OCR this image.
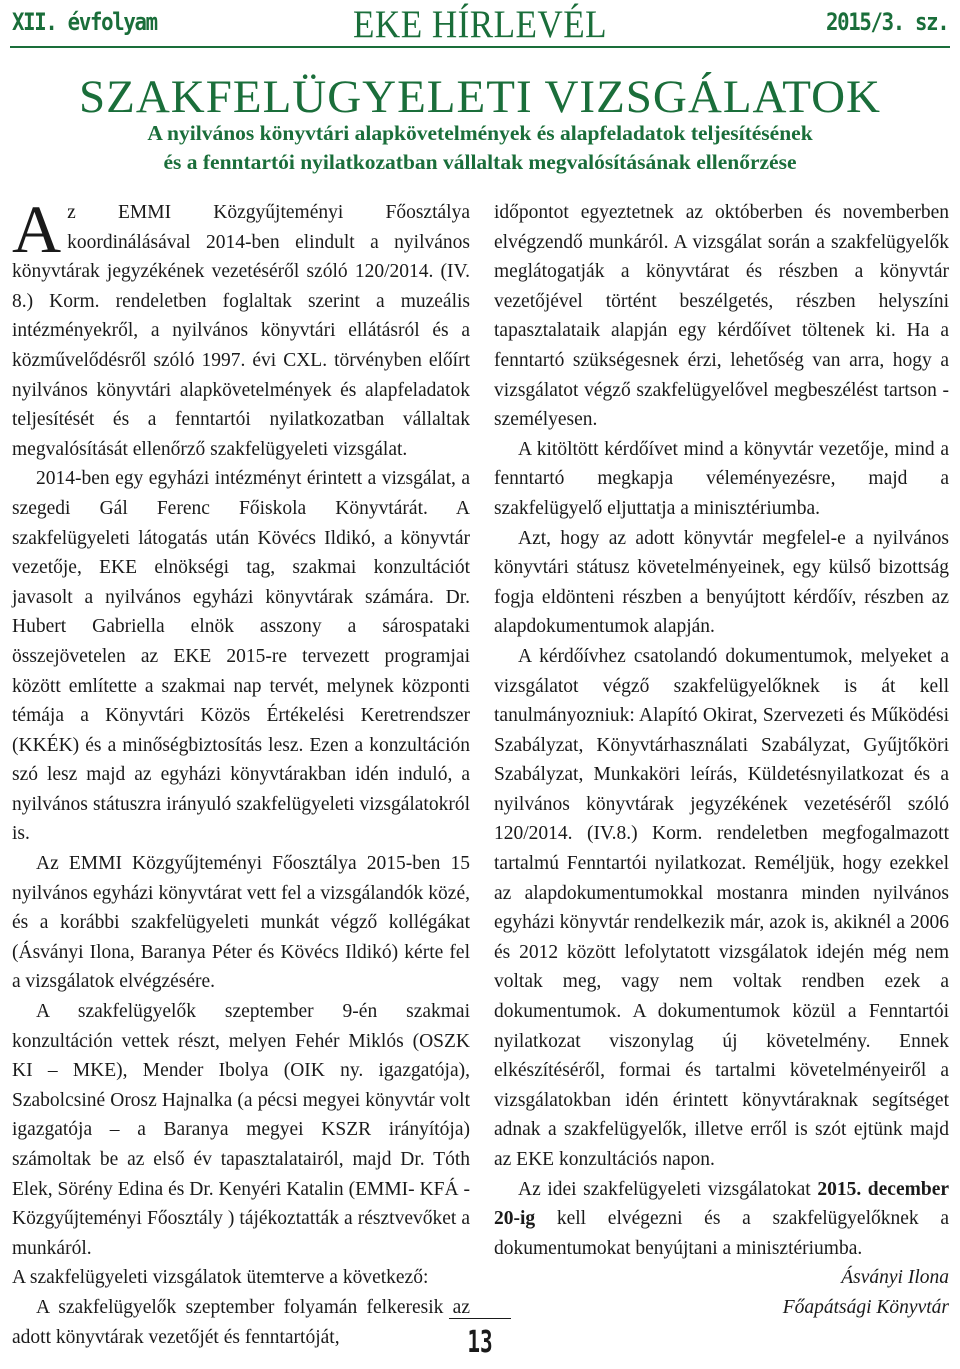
XII. évfolyam	EKE HÍRLEVÉL	2015/3. sz.
SZAKFELÜGYELETI VIZSGÁLATOK
A nyilvános könyvtári alapkövetelmények és alapfeladatok teljesítésének
és a fenntartói nyilatkozatban vállaltak megvalósításának ellenőrzése

Az EMMI Közgyűjteményi Főosztálya koordinálásával 2014-ben elindult a nyilvános könyvtárak jegyzékének vezetéséről szóló 120/2014. (IV. 8.) Korm. rendeletben foglaltak szerint a muzeális intézményekről, a nyilvános könyvtári ellátásról és a közművelődésről szóló 1997. évi CXL. törvényben előírt nyilvános könyvtári alapkövetelmények és alapfeladatok teljesítését és a fenntartói nyilatkozatban vállaltak megvalósítását ellenőrző szakfelügyeleti vizsgálat.

2014-ben egy egyházi intézményt érintett a vizsgálat, a szegedi Gál Ferenc Főiskola Könyvtárát. A szakfelügyeleti látogatás után Kövécs Ildikó, a könyvtár vezetője, EKE elnökségi tag, szakmai konzultációt javasolt a nyilvános egyházi könyvtárak számára. Dr. Hubert Gabriella elnök asszony a sárospataki összejövetelen az EKE 2015-re tervezett programjai között említette a szakmai nap tervét, melynek központi témája a Könyvtári Közös Értékelési Keretrendszer (KKÉK) és a minőségbiztosítás lesz. Ezen a konzultáción szó lesz majd az egyházi könyvtárakban idén induló, a nyilvános státuszra irányuló szakfelügyeleti vizsgálatokról is.

Az EMMI Közgyűjteményi Főosztálya 2015-ben 15 nyilvános egyházi könyvtárat vett fel a vizsgálandók közé, és a korábbi szakfelügyeleti munkát végző kollégákat (Ásványi Ilona, Baranya Péter és Kövécs Ildikó) kérte fel a vizsgálatok elvégzésére.

A szakfelügyelők szeptember 9-én szakmai konzultáción vettek részt, melyen Fehér Miklós (OSZK KI – MKE), Mender Ibolya (OIK ny. igazgatója), Szabolcsiné Orosz Hajnalka (a pécsi megyei könyvtár volt igazgatója – a Baranya megyei KSZR irányítója) számoltak be az első év tapasztalatairól, majd Dr. Tóth Elek, Sörény Edina és Dr. Kenyéri Katalin (EMMI- KFÁ - Közgyűjteményi Főosztály ) tájékoztatták a résztvevőket a munkáról.

A szakfelügyeleti vizsgálatok ütemterve a következő:

A szakfelügyelők szeptember folyamán felkeresik az adott könyvtárak vezetőjét és fenntartóját,

időpontot egyeztetnek az októberben és novemberben elvégzendő munkáról. A vizsgálat során a szakfelügyelők meglátogatják a könyvtárat és részben a könyvtár vezetőjével történt beszélgetés, részben helyszíni tapasztalataik alapján egy kérdőívet töltenek ki. Ha a fenntartó szükségesnek érzi, lehetőség van arra, hogy a vizsgálatot végző szakfelügyelővel megbeszélést tartson - személyesen.

A kitöltött kérdőívet mind a könyvtár vezetője, mind a fenntartó megkapja véleményezésre, majd a szakfelügyelő eljuttatja a minisztériumba.

Azt, hogy az adott könyvtár megfelel-e a nyilvános könyvtári státusz követelményeinek, egy külső bizottság fogja eldönteni részben a benyújtott kérdőív, részben az alapdokumentumok alapján.

A kérdőívhez csatolandó dokumentumok, melyeket a vizsgálatot végző szakfelügyelőknek is át kell tanulmányozniuk: Alapító Okirat, Szervezeti és Működési Szabályzat, Könyvtárhasználati Szabályzat, Gyűjtőköri Szabályzat, Munkaköri leírás, Küldetésnyilatkozat és a nyilvános könyvtárak jegyzékének vezetéséről szóló 120/2014. (IV.8.) Korm. rendeletben megfogalmazott tartalmú Fenntartói nyilatkozat. Reméljük, hogy ezekkel az alapdokumentumokkal mostanra minden nyilvános egyházi könyvtár rendelkezik már, azok is, akiknél a 2006 és 2012 között lefolytatott vizsgálatok idején még nem voltak meg, vagy nem voltak rendben ezek a dokumentumok. A dokumentumok közül a Fenntartói nyilatkozat viszonylag új követelmény. Ennek elkészítéséről, formai és tartalmi követelményeiről a vizsgálatokban idén érintett könyvtáraknak segítséget adnak a szakfelügyelők, illetve erről is szót ejtünk majd az EKE konzultációs napon.

Az idei szakfelügyeleti vizsgálatokat 2015. december 20-ig kell elvégezni és a szakfelügyelőknek a dokumentumokat benyújtani a minisztériumba.

Ásványi Ilona

Főapátsági Könyvtár

13
